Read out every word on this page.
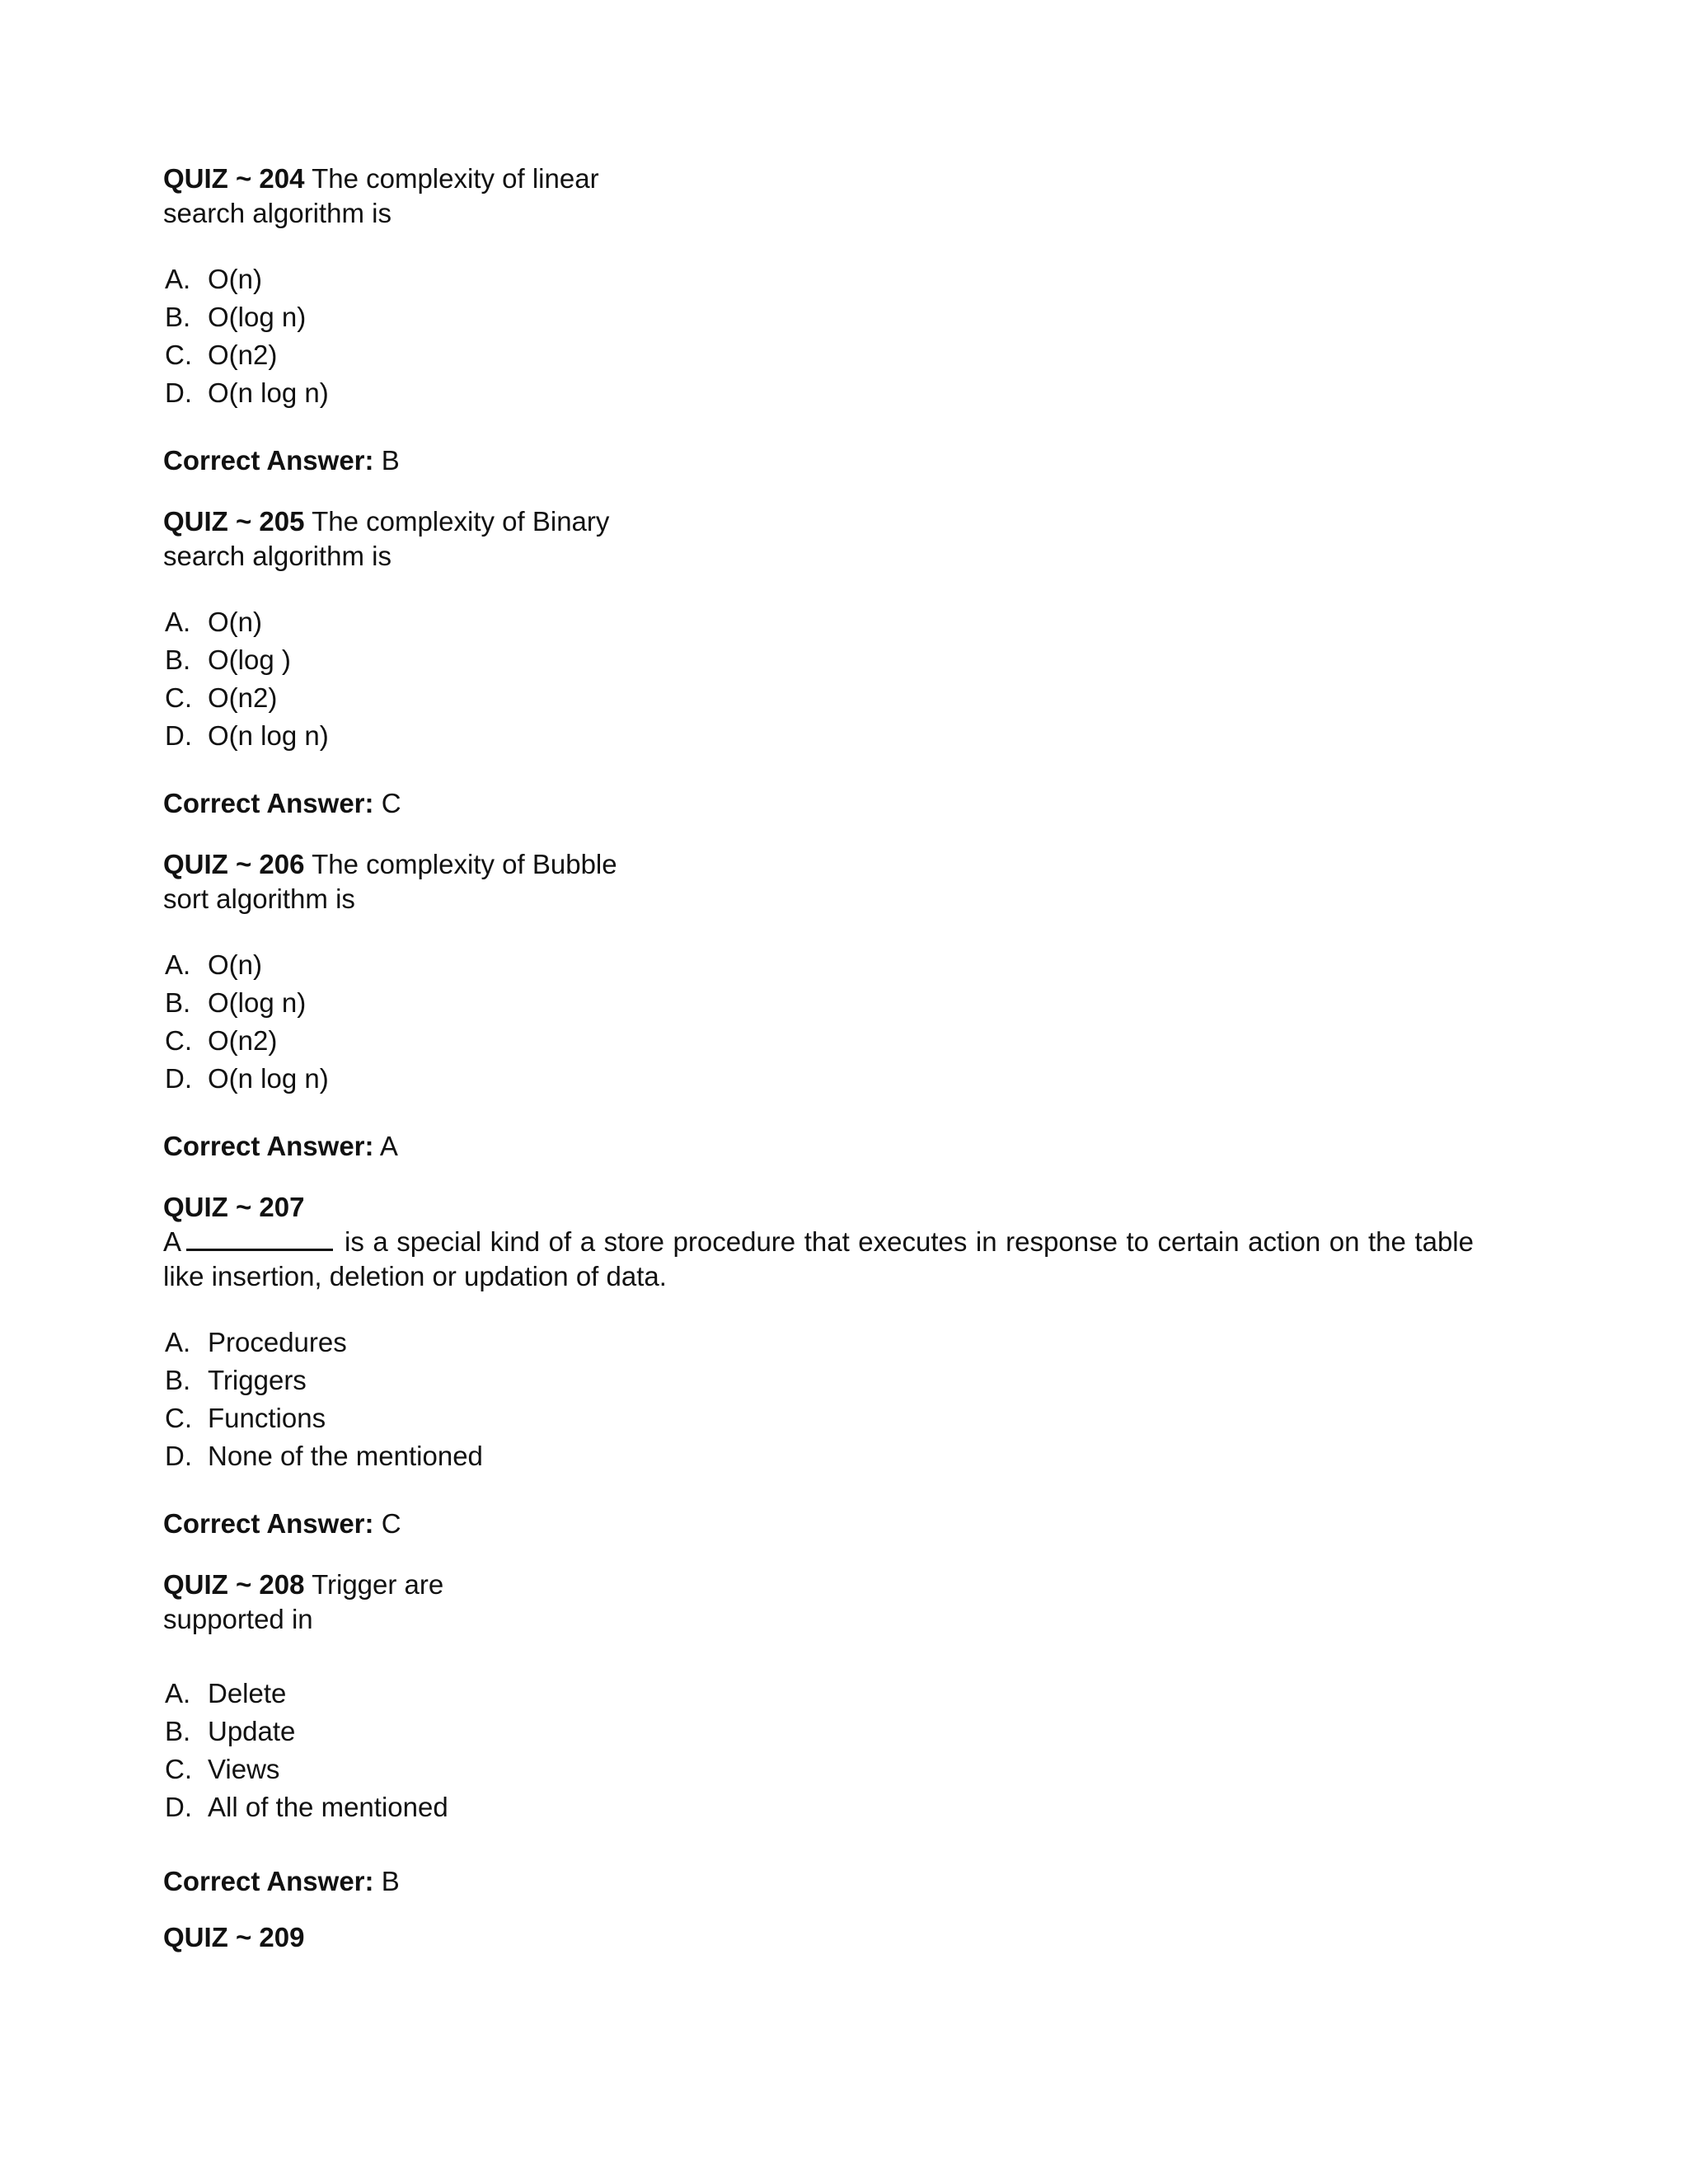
QUIZ ~ 204 The complexity of linear

search algorithm is

A. O(n)
B. O(log n)
C. O(n2)
D. O(n log n)

Correct Answer: B

QUIZ ~ 205 The complexity of Binary

search algorithm is

A. O(n)
B. O(log )
C. O(n2)
D. O(n log n)

Correct Answer: C

QUIZ ~ 206 The complexity of Bubble

sort algorithm is

A. O(n)
B. O(log n)
C. O(n2)
D. O(n log n)

Correct Answer: A

QUIZ ~ 207

A	is a special kind of a store procedure that executes in response to certain action on the table like insertion, deletion or updation of data.

A. Procedures
B. Triggers
C. Functions
D. None of the mentioned

Correct Answer: C

QUIZ ~ 208 Trigger are

supported in

A. Delete
B. Update
C. Views
D. All of the mentioned

Correct Answer: B

QUIZ ~ 209
